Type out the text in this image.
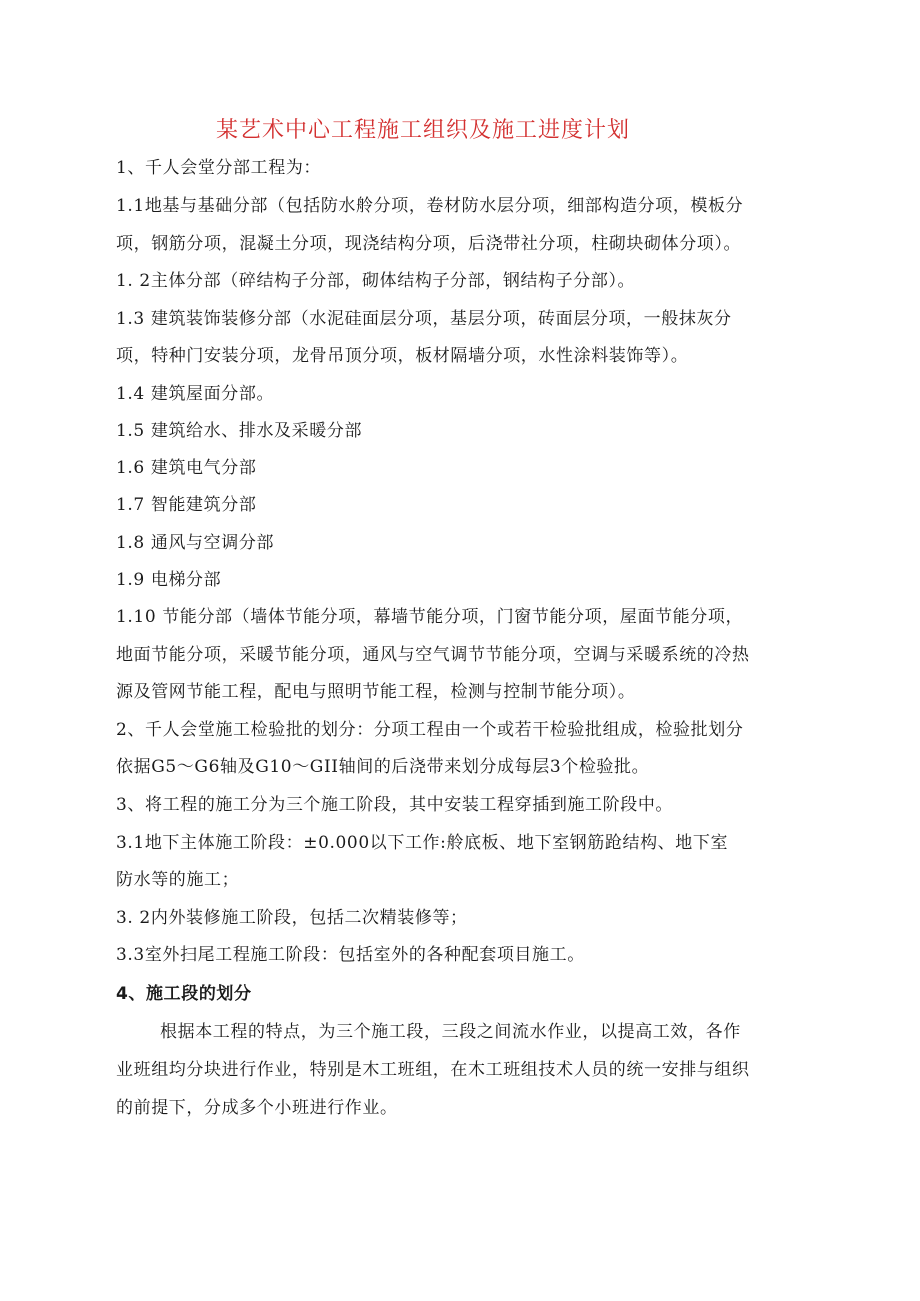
某艺术中心工程施工组织及施工进度计划
1、千人会堂分部工程为：
1.1地基与基础分部（包括防水舲分项，卷材防水层分项，细部构造分项，模板分
项，钢筋分项，混凝土分项，现浇结构分项，后浇带社分项，柱砌块砌体分项）。
1. 2主体分部（碎结构子分部，砌体结构子分部，钢结构子分部）。
1.3 建筑装饰装修分部（水泥硅面层分项，基层分项，砖面层分项，一般抹灰分
项，特种门安装分项，龙骨吊顶分项，板材隔墙分项，水性涂料装饰等）。
1.4 建筑屋面分部。
1.5 建筑给水、排水及采暖分部
1.6 建筑电气分部
1.7 智能建筑分部
1.8 通风与空调分部
1.9 电梯分部
1.10 节能分部（墙体节能分项，幕墙节能分项，门窗节能分项，屋面节能分项，
地面节能分项，采暖节能分项，通风与空气调节节能分项，空调与采暖系统的冷热
源及管网节能工程，配电与照明节能工程，检测与控制节能分项）。
2、千人会堂施工检验批的划分：分项工程由一个或若干检验批组成，检验批划分
依据G5～G6轴及G10～GII轴间的后浇带来划分成每层3个检验批。
3、将工程的施工分为三个施工阶段，其中安装工程穿插到施工阶段中。
3.1地下主体施工阶段：±0.000以下工作:舲底板、地下室钢筋跄结构、地下室
防水等的施工；
3. 2内外装修施工阶段，包括二次精装修等；
3.3室外扫尾工程施工阶段：包括室外的各种配套项目施工。
4、施工段的划分
根据本工程的特点，为三个施工段，三段之间流水作业，以提高工效，各作
业班组均分块进行作业，特别是木工班组，在木工班组技术人员的统一安排与组织
的前提下，分成多个小班进行作业。
